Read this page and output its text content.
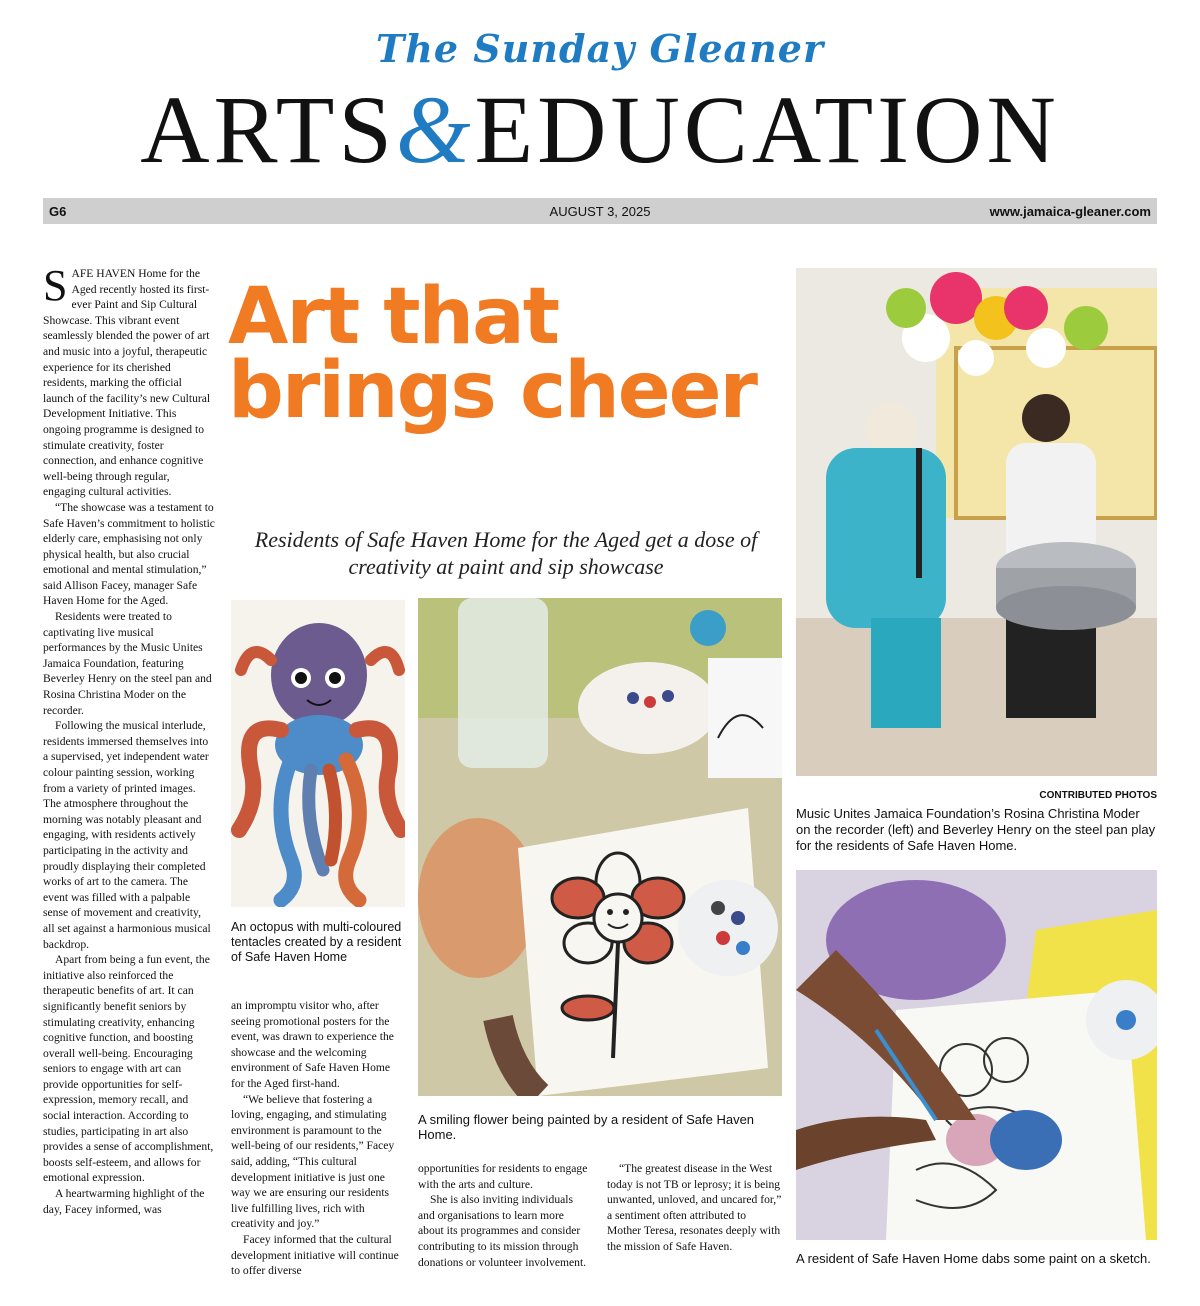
The Sunday Gleaner
ARTS&EDUCATION
G6	AUGUST 3, 2025	www.jamaica-gleaner.com

SAFE HAVEN Home for the Aged recently hosted its first-ever Paint and Sip Cultural Showcase. This vibrant event seamlessly blended the power of art and music into a joyful, therapeutic experience for its cherished residents, marking the official launch of the facility’s new Cultural Development Initiative. This ongoing programme is designed to stimulate creativity, foster connection, and enhance cognitive well-being through regular, engaging cultural activities.

“The showcase was a testament to Safe Haven’s commitment to holistic elderly care, emphasising not only physical health, but also crucial emotional and mental stimulation,” said Allison Facey, manager Safe Haven Home for the Aged.

Residents were treated to captivating live musical performances by the Music Unites Jamaica Foundation, featuring Beverley Henry on the steel pan and Rosina Christina Moder on the recorder.

Following the musical interlude, residents immersed themselves into a supervised, yet independent water colour painting session, working from a variety of printed images. The atmosphere throughout the morning was notably pleasant and engaging, with residents actively participating in the activity and proudly displaying their completed works of art to the camera. The event was filled with a palpable sense of movement and creativity, all set against a harmonious musical backdrop.

Apart from being a fun event, the initiative also reinforced the therapeutic benefits of art. It can significantly benefit seniors by stimulating creativity, enhancing cognitive function, and boosting overall well-being. Encouraging seniors to engage with art can provide opportunities for self-expression, memory recall, and social interaction. According to studies, participating in art also provides a sense of accomplishment, boosts self-esteem, and allows for emotional expression.

A heartwarming highlight of the day, Facey informed, was

Art that
brings cheer
Residents of Safe Haven Home for the Aged get a dose of creativity at paint and sip showcase
An octopus with multi-coloured tentacles created by a resident of Safe Haven Home

an impromptu visitor who, after seeing promotional posters for the event, was drawn to experience the showcase and the welcoming environment of Safe Haven Home for the Aged first-hand.

“We believe that fostering a loving, engaging, and stimulating environment is paramount to the well-being of our residents,” Facey said, adding, “This cultural development initiative is just one way we are ensuring our residents live fulfilling lives, rich with creativity and joy.”

Facey informed that the cultural development initiative will continue to offer diverse

A smiling flower being painted by a resident of Safe Haven Home.

opportunities for residents to engage with the arts and culture.

She is also inviting individuals and organisations to learn more about its programmes and consider contributing to its mission through donations or volunteer involvement.

“The greatest disease in the West today is not TB or leprosy; it is being unwanted, unloved, and uncared for,” a sentiment often attributed to Mother Teresa, resonates deeply with the mission of Safe Haven.

CONTRIBUTED PHOTOS
Music Unites Jamaica Foundation’s Rosina Christina Moder on the recorder (left) and Beverley Henry on the steel pan play for the residents of Safe Haven Home.
A resident of Safe Haven Home dabs some paint on a sketch.
